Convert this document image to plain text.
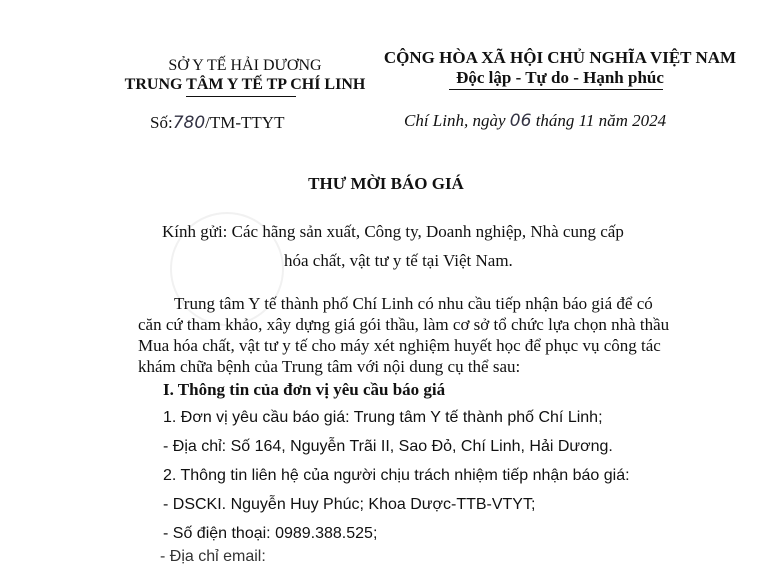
SỞ Y TẾ HẢI DƯƠNG
TRUNG TÂM Y TẾ TP CHÍ LINH
Số:780/TM-TTYT
CỘNG HÒA XÃ HỘI CHỦ NGHĨA VIỆT NAM
Độc lập - Tự do - Hạnh phúc
Chí Linh, ngày 06 tháng 11 năm 2024
THƯ MỜI BÁO GIÁ
Kính gửi: Các hãng sản xuất, Công ty, Doanh nghiệp, Nhà cung cấp
hóa chất, vật tư y tế tại Việt Nam.
Trung tâm Y tế thành phố Chí Linh có nhu cầu tiếp nhận báo giá để có
căn cứ tham khảo, xây dựng giá gói thầu, làm cơ sở tổ chức lựa chọn nhà thầu
Mua hóa chất, vật tư y tế cho máy xét nghiệm huyết học để phục vụ công tác
khám chữa bệnh của Trung tâm với nội dung cụ thể sau:
I. Thông tin của đơn vị yêu cầu báo giá
1. Đơn vị yêu cầu báo giá: Trung tâm Y tế thành phố Chí Linh;
- Địa chỉ: Số 164, Nguyễn Trãi II, Sao Đỏ, Chí Linh, Hải Dương.
2. Thông tin liên hệ của người chịu trách nhiệm tiếp nhận báo giá:
- DSCKI. Nguyễn Huy Phúc; Khoa Dược-TTB-VTYT;
- Số điện thoại: 0989.388.525;
- Địa chỉ email:
